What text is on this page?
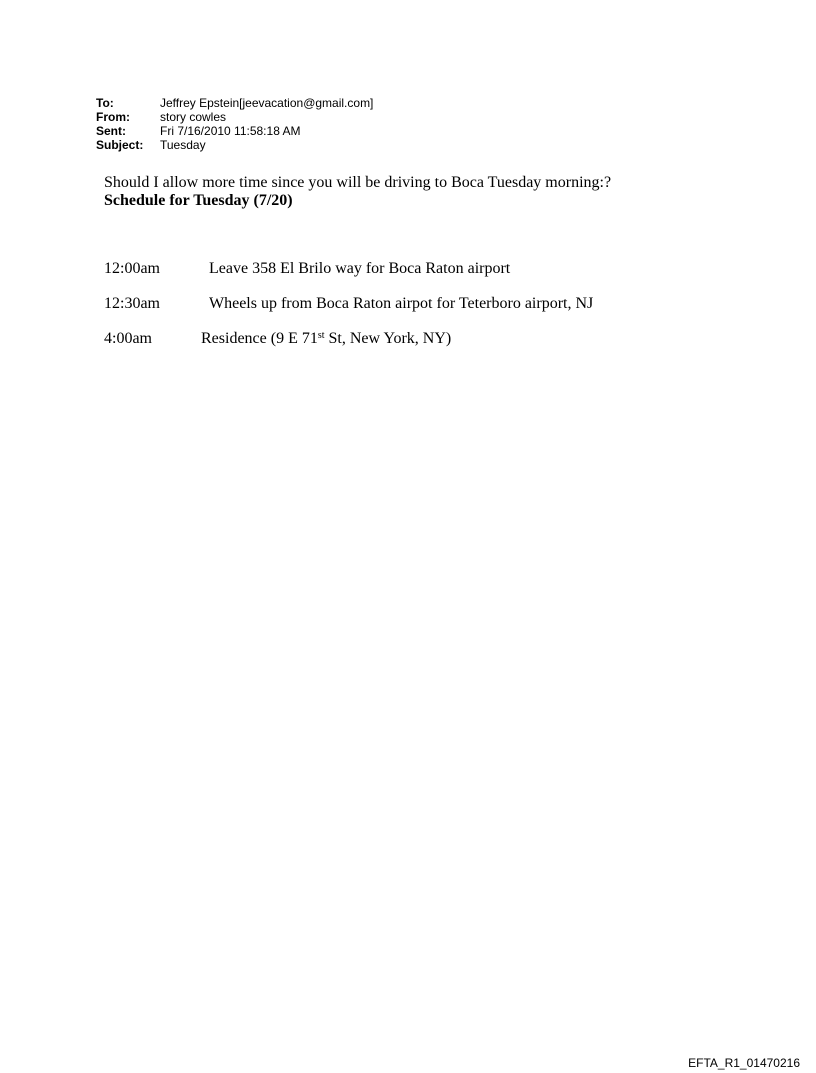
To:	Jeffrey Epstein[jeevacation@gmail.com]
From:	story cowles
Sent:	Fri 7/16/2010 11:58:18 AM
Subject:	Tuesday
Should I allow more time since you will be driving to Boca Tuesday morning:?
Schedule for Tuesday (7/20)
12:00am	Leave 358 El Brilo way for Boca Raton airport
12:30am	Wheels up from Boca Raton airpot for Teterboro airport, NJ
4:00am	Residence (9 E 71st St, New York, NY)
EFTA_R1_01470216
